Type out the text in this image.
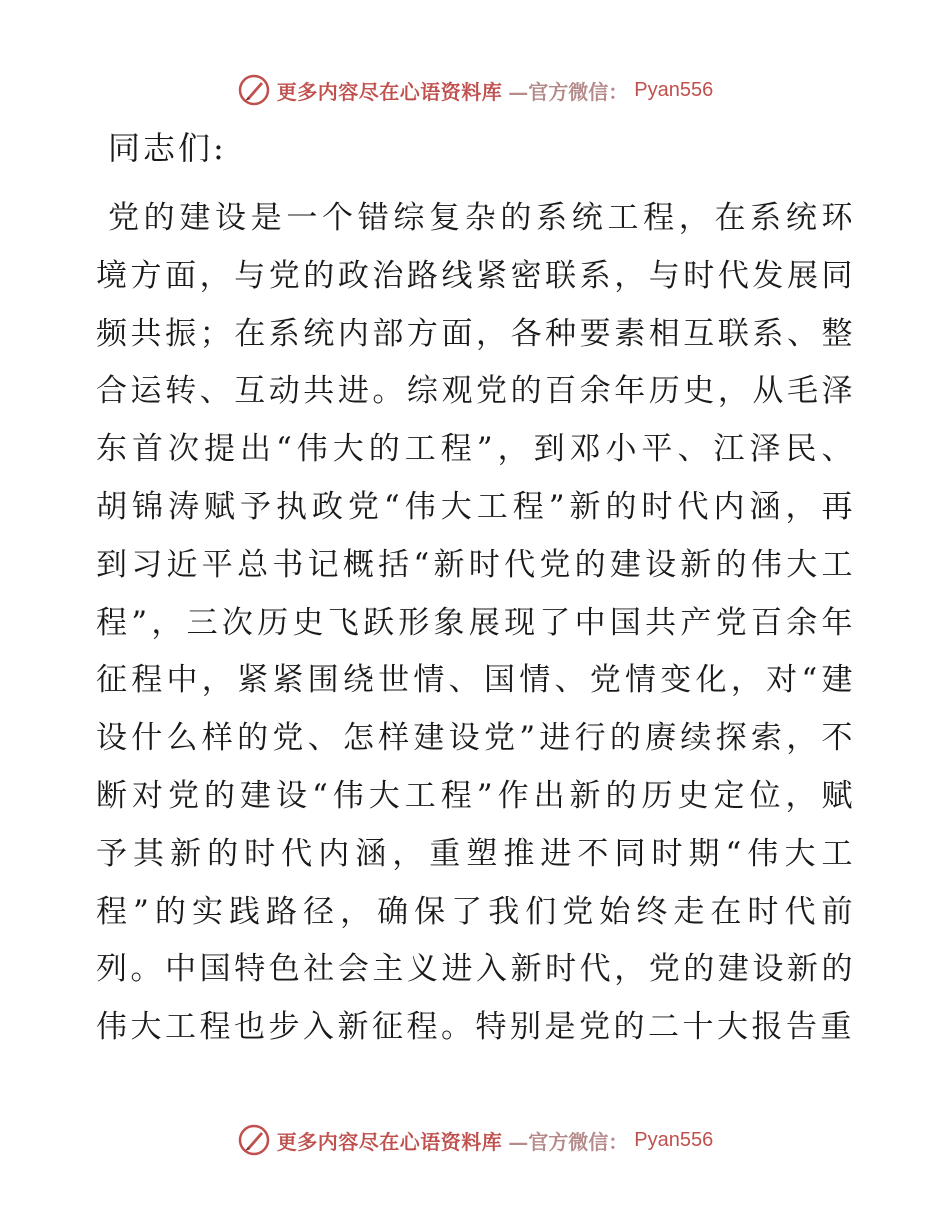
更多内容尽在心语资料库 —官方微信： Pyan556
同志们:

党的建设是一个错综复杂的系统工程，在系统环境方面，与党的政治路线紧密联系，与时代发展同频共振；在系统内部方面，各种要素相互联系、整合运转、互动共进。综观党的百余年历史，从毛泽东首次提出“伟大的工程”，到邓小平、江泽民、胡锦涛赋予执政党“伟大工程”新的时代内涵，再到习近平总书记概括“新时代党的建设新的伟大工程”，三次历史飞跃形象展现了中国共产党百余年征程中，紧紧围绕世情、国情、党情变化，对“建设什么样的党、怎样建设党”进行的赓续探索，不断对党的建设“伟大工程”作出新的历史定位，赋予其新的时代内涵，重塑推进不同时期“伟大工程”的实践路径，确保了我们党始终走在时代前列。中国特色社会主义进入新时代，党的建设新的伟大工程也步入新征程。特别是党的二十大报告重

更多内容尽在心语资料库 —官方微信： Pyan556
